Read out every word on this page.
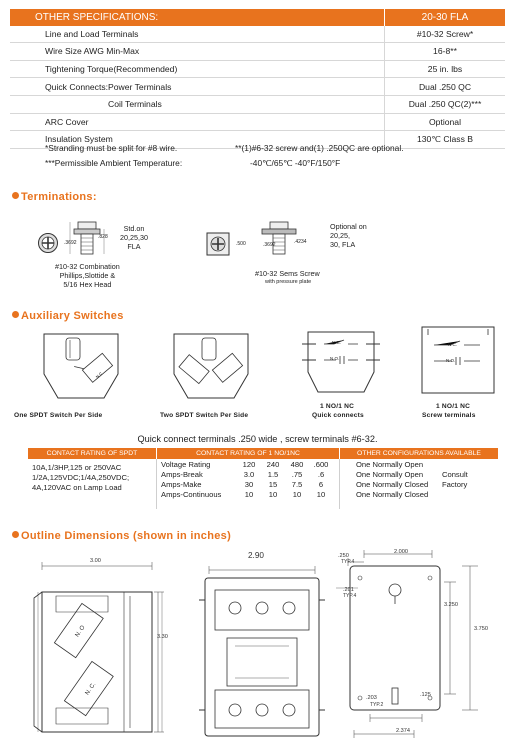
OTHER SPECIFICATIONS:	20-30 FLA
Line and Load Terminals	#10-32 Screw*
Wire Size AWG Min-Max	16-8**
Tightening Torque(Recommended)	25 in. lbs
Quick Connects:Power Terminals	Dual .250 QC
Coil Terminals	Dual .250 QC(2)***
ARC Cover	Optional
Insulation System	130℃ Class B
*Stranding must be split for #8 wire.	**(1)#6-32 screw and(1) .250QC are optional.
***Permissible Ambient Temperature:	-40℃/65℃ -40°F/150°F
Terminations:
.3692
.828
Std.on
20,25,30
FLA
#10-32 Combination
Phillips,Slottide &
5/16 Hex Head
.500	.3692	.4234
Optional on
20,25,
30, FLA
#10-32 Sems Screw
with pressure plate
Auxiliary Switches
N.C
N.C.
N.O.
N.C.
N.O.
One SPDT Switch Per Side	Two SPDT Switch Per Side
1 NO/1 NC
Quick connects
1 NO/1 NC
Screw terminals
Quick connect terminals .250 wide , screw terminals #6-32.
CONTACT RATING OF SPDT	CONTACT RATING OF 1 NO/1NC	OTHER CONFIGURATIONS AVAILABLE
10A,1/3HP,125 or 250VAC
1/2A,125VDC;1/4A,250VDC;
4A,120VAC on Lamp Load
Voltage Rating	120 240 480 .600
Amps-Break	3.0 1.5 .75 .6
Amps-Make	30 15 7.5 6
Amps-Continuous	10 10 10 10
One Normally Open
One Normally Open Consult
One Normally Closed Factory
One Normally Closed
Outline Dimensions (shown in inches)
N. O
N. C.
3.00
3.30
2.90	2.000
.250
TYP.4
.201
TYP.4
3.250
3.750
.203
TYP.2
.125
2.374
